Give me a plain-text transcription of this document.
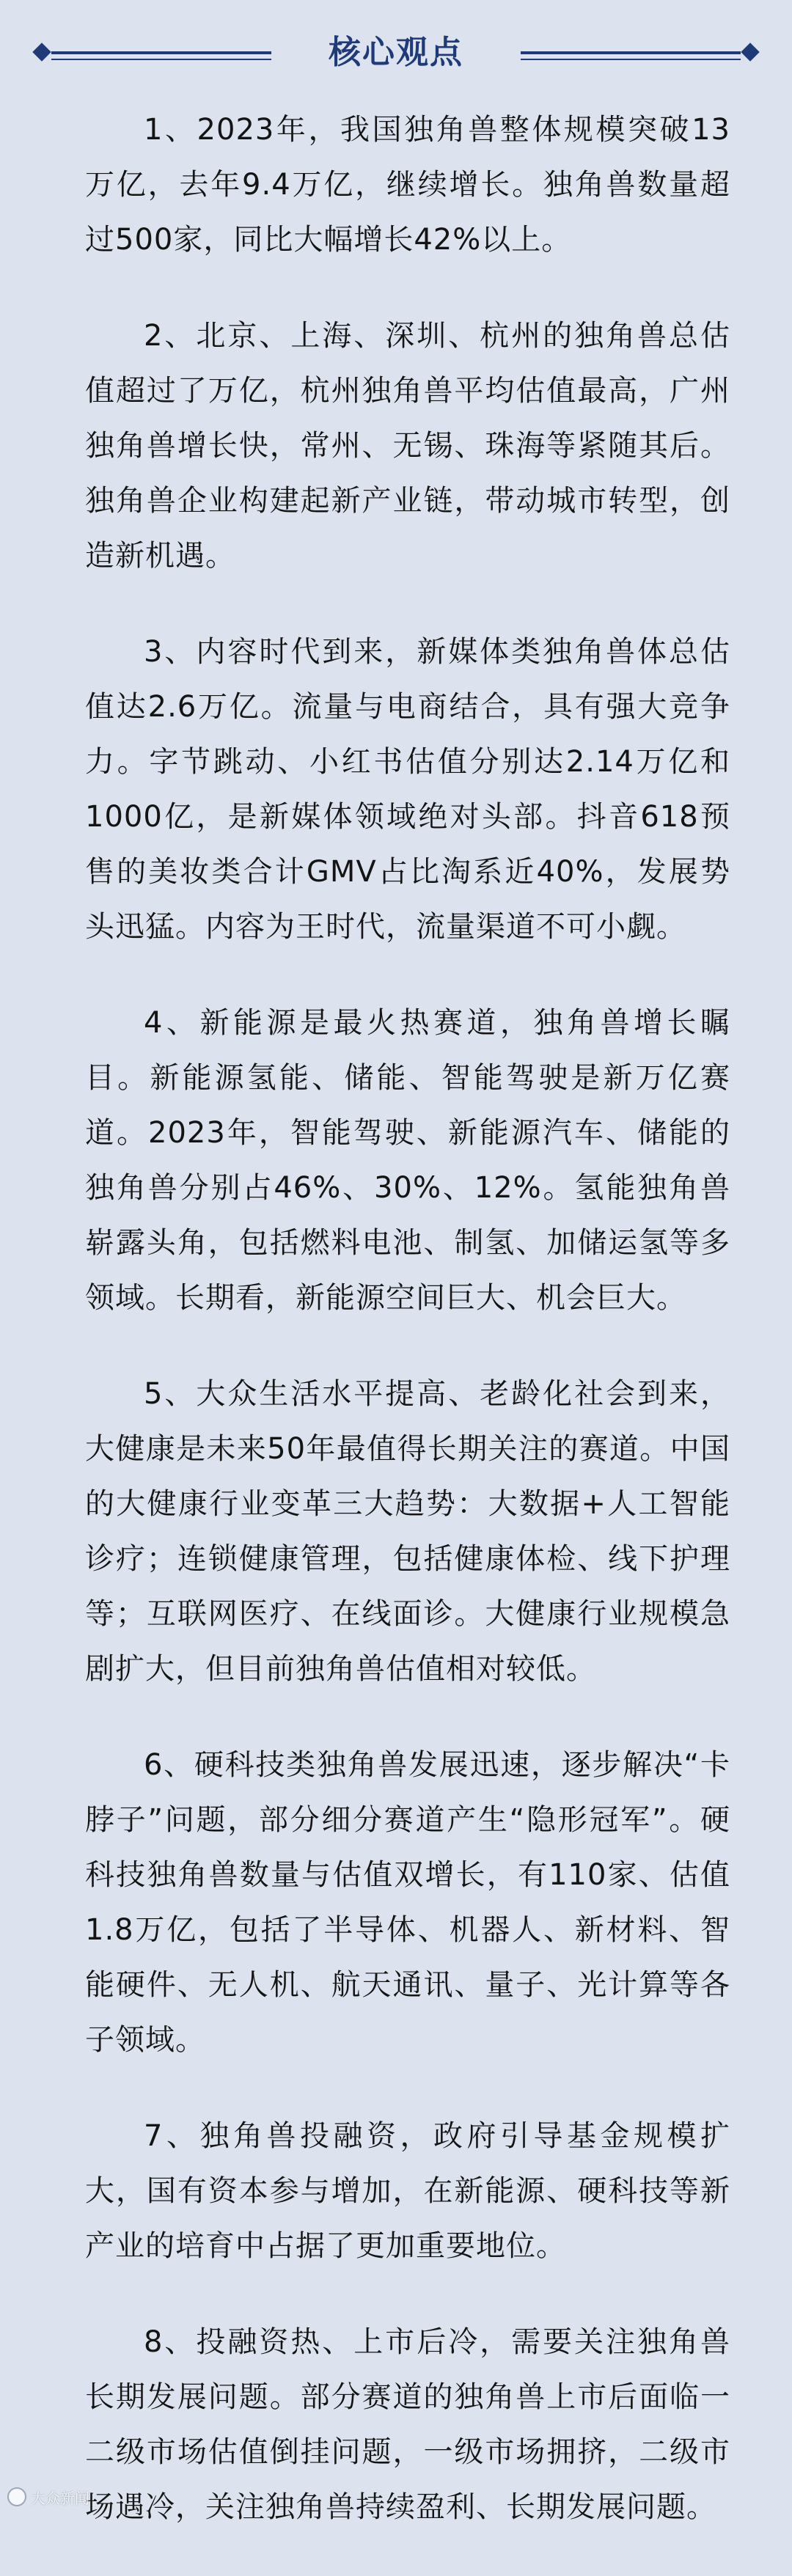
核心观点

1、2023年，我国独角兽整体规模突破13万亿，去年9.4万亿，继续增长。独角兽数量超过500家，同比大幅增长42%以上。

2、北京、上海、深圳、杭州的独角兽总估值超过了万亿，杭州独角兽平均估值最高，广州独角兽增长快，常州、无锡、珠海等紧随其后。独角兽企业构建起新产业链，带动城市转型，创造新机遇。

3、内容时代到来，新媒体类独角兽体总估值达2.6万亿。流量与电商结合，具有强大竞争力。字节跳动、小红书估值分别达2.14万亿和1000亿，是新媒体领域绝对头部。抖音618预售的美妆类合计GMV占比淘系近40%，发展势头迅猛。内容为王时代，流量渠道不可小觑。

4、新能源是最火热赛道，独角兽增长瞩目。新能源氢能、储能、智能驾驶是新万亿赛道。2023年，智能驾驶、新能源汽车、储能的独角兽分别占46%、30%、12%。氢能独角兽崭露头角，包括燃料电池、制氢、加储运氢等多领域。长期看，新能源空间巨大、机会巨大。

5、大众生活水平提高、老龄化社会到来，大健康是未来50年最值得长期关注的赛道。中国的大健康行业变革三大趋势：大数据+人工智能诊疗；连锁健康管理，包括健康体检、线下护理等；互联网医疗、在线面诊。大健康行业规模急剧扩大，但目前独角兽估值相对较低。

6、硬科技类独角兽发展迅速，逐步解决“卡脖子”问题，部分细分赛道产生“隐形冠军”。硬科技独角兽数量与估值双增长，有110家、估值1.8万亿，包括了半导体、机器人、新材料、智能硬件、无人机、航天通讯、量子、光计算等各子领域。

7、独角兽投融资，政府引导基金规模扩大，国有资本参与增加，在新能源、硬科技等新产业的培育中占据了更加重要地位。

8、投融资热、上市后冷，需要关注独角兽长期发展问题。部分赛道的独角兽上市后面临一二级市场估值倒挂问题，一级市场拥挤，二级市场遇冷，关注独角兽持续盈利、长期发展问题。

大众新闻
